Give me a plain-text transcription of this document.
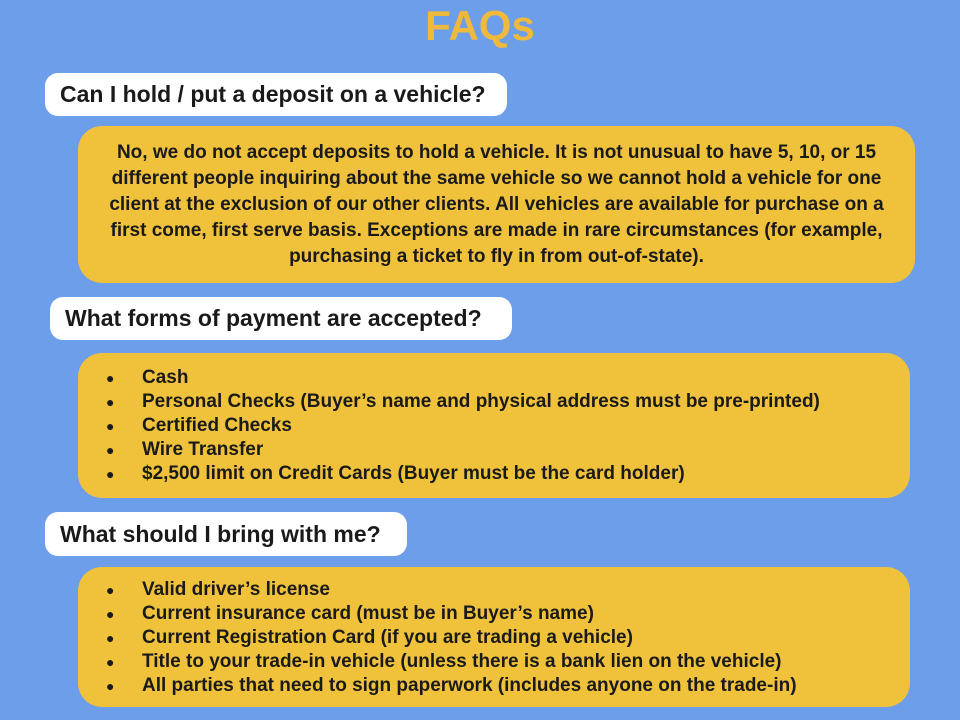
FAQs
Can I hold / put a deposit on a vehicle?
No, we do not accept deposits to hold a vehicle. It is not unusual to have 5, 10, or 15 different people inquiring about the same vehicle so we cannot hold a vehicle for one client at the exclusion of our other clients. All vehicles are available for purchase on a first come, first serve basis. Exceptions are made in rare circumstances (for example, purchasing a ticket to fly in from out-of-state).
What forms of payment are accepted?
● Cash
● Personal Checks (Buyer’s name and physical address must be pre-printed)
● Certified Checks
● Wire Transfer
● $2,500 limit on Credit Cards (Buyer must be the card holder)
What should I bring with me?
● Valid driver’s license
● Current insurance card (must be in Buyer’s name)
● Current Registration Card (if you are trading a vehicle)
● Title to your trade-in vehicle (unless there is a bank lien on the vehicle)
● All parties that need to sign paperwork (includes anyone on the trade-in)
